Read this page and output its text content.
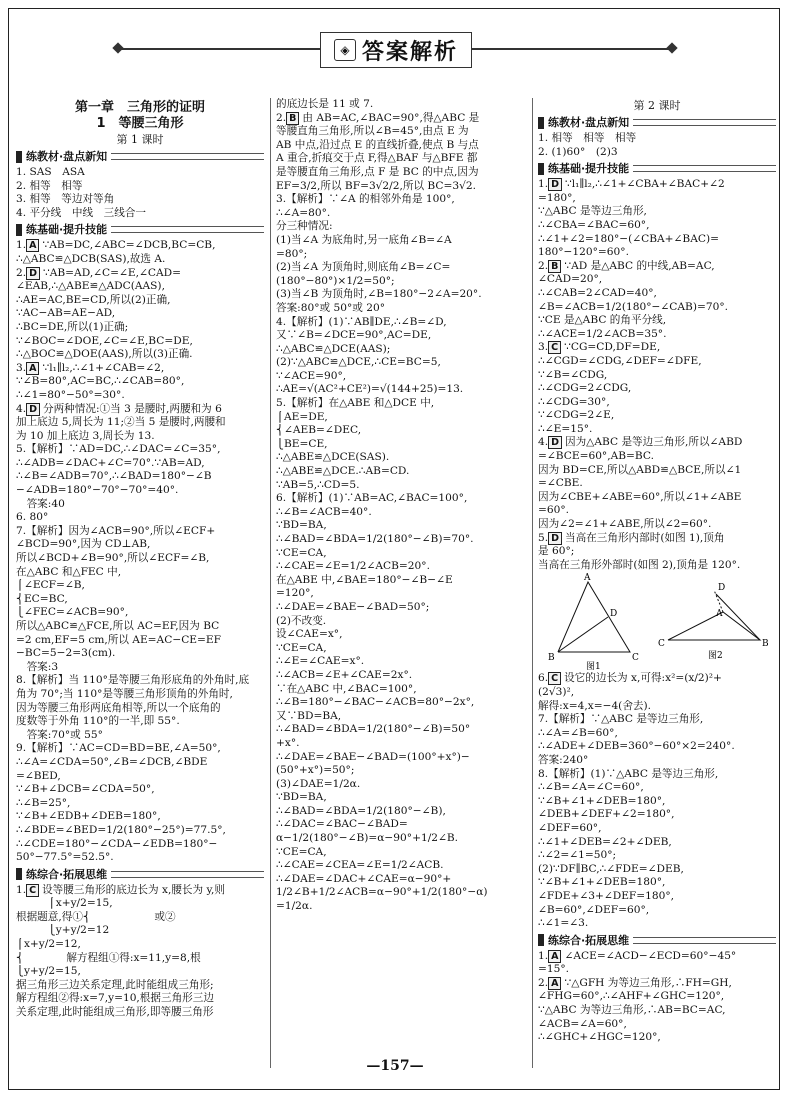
◈ 答案解析
第一章　三角形的证明
1　等腰三角形
第 1 课时
练教材·盘点新知
1. SAS　ASA
2. 相等　相等
3. 相等　等边对等角
4. 平分线　中线　三线合一
练基础·提升技能
1. A ∵AB=DC,∠ABC=∠DCB,BC=CB,
∴△ABC≌△DCB(SAS),故选 A.
2. D ∵AB=AD,∠C=∠E,∠CAD=
∠EAB,∴△ABE≌△ADC(AAS),
∴AE=AC,BE=CD,所以(2)正确,
∵AC−AB=AE−AD,
∴BC=DE,所以(1)正确;
∵∠BOC=∠DOE,∠C=∠E,BC=DE,
∴△BOC≌△DOE(AAS),所以(3)正确.
3. A ∵l₁∥l₂,∴∠1+∠CAB=∠2,
∵∠B=80°,AC=BC,∴∠CAB=80°,
∴∠1=80°−50°=30°.
4. D 分两种情况:①当 3 是腰时,两腰和为 6
加上底边 5,周长为 11;②当 5 是腰时,两腰和
为 10 加上底边 3,周长为 13.
5.【解析】∵AD=DC,∴∠DAC=∠C=35°,
∴∠ADB=∠DAC+∠C=70°.∵AB=AD,
∴∠B=∠ADB=70°,∴∠BAD=180°−∠B
−∠ADB=180°−70°−70°=40°.
　答案:40
6. 80°
7.【解析】因为∠ACB=90°,所以∠ECF+
∠BCD=90°,因为 CD⊥AB,
所以∠BCD+∠B=90°,所以∠ECF=∠B,
在△ABC 和△FEC 中,
⎧∠ECF=∠B,
⎨EC=BC,
⎩∠FEC=∠ACB=90°,
所以△ABC≌△FCE,所以 AC=EF,因为 BC
=2 cm,EF=5 cm,所以 AE=AC−CE=EF
−BC=5−2=3(cm).
　答案:3
8.【解析】当 110°是等腰三角形底角的外角时,底
角为 70°;当 110°是等腰三角形顶角的外角时,
因为等腰三角形两底角相等,所以一个底角的
度数等于外角 110°的一半,即 55°.
　答案:70°或 55°
9.【解析】∵AC=CD=BD=BE,∠A=50°,
∴∠A=∠CDA=50°,∠B=∠DCB,∠BDE
=∠BED,
∵∠B+∠DCB=∠CDA=50°,
∴∠B=25°,
∵∠B+∠EDB+∠DEB=180°,
∴∠BDE=∠BED=1/2(180°−25°)=77.5°,
∴∠CDE=180°−∠CDA−∠EDB=180°−
50°−77.5°=52.5°.
练综合·拓展思维
1. C 设等腰三角形的底边长为 x,腰长为 y,则
　　　⎧x+y/2=15,
根据题意,得①⎨　　　　　　或②
　　　⎩y+y/2=12
⎧x+y/2=12,
⎨　　　　解方程组①得:x=11,y=8,根
⎩y+y/2=15,
据三角形三边关系定理,此时能组成三角形;
解方程组②得:x=7,y=10,根据三角形三边
关系定理,此时能组成三角形,即等腰三角形
的底边长是 11 或 7.
2. B 由 AB=AC,∠BAC=90°,得△ABC 是
等腰直角三角形,所以∠B=45°,由点 E 为
AB 中点,沿过点 E 的直线折叠,使点 B 与点
A 重合,折痕交于点 F,得△BAF 与△BFE 都
是等腰直角三角形,点 F 是 BC 的中点,因为
EF=3/2,所以 BF=3√2/2,所以 BC=3√2.
3.【解析】∵∠A 的相邻外角是 100°,
∴∠A=80°.
分三种情况:
(1)当∠A 为底角时,另一底角∠B=∠A
=80°;
(2)当∠A 为顶角时,则底角∠B=∠C=
(180°−80°)×1/2=50°;
(3)当∠B 为顶角时,∠B=180°−2∠A=20°.
答案:80°或 50°或 20°
4.【解析】(1)∵AB∥DE,∴∠B=∠D,
又∵∠B=∠DCE=90°,AC=DE,
∴△ABC≌△DCE(AAS);
(2)∵△ABC≌△DCE,∴CE=BC=5,
∵∠ACE=90°,
∴AE=√(AC²+CE²)=√(144+25)=13.
5.【解析】在△ABE 和△DCE 中,
⎧AE=DE,
⎨∠AEB=∠DEC,
⎩BE=CE,
∴△ABE≌△DCE(SAS).
∴△ABE≌△DCE.∴AB=CD.
∵AB=5,∴CD=5.
6.【解析】(1)∵AB=AC,∠BAC=100°,
∴∠B=∠ACB=40°.
∵BD=BA,
∴∠BAD=∠BDA=1/2(180°−∠B)=70°.
∵CE=CA,
∴∠CAE=∠E=1/2∠ACB=20°.
在△ABE 中,∠BAE=180°−∠B−∠E
=120°,
∴∠DAE=∠BAE−∠BAD=50°;
(2)不改变.
设∠CAE=x°,
∵CE=CA,
∴∠E=∠CAE=x°.
∴∠ACB=∠E+∠CAE=2x°.
∵在△ABC 中,∠BAC=100°,
∴∠B=180°−∠BAC−∠ACB=80°−2x°,
又∵BD=BA,
∴∠BAD=∠BDA=1/2(180°−∠B)=50°
+x°.
∴∠DAE=∠BAE−∠BAD=(100°+x°)−
(50°+x°)=50°;
(3)∠DAE=1/2α.
∵BD=BA,
∴∠BAD=∠BDA=1/2(180°−∠B),
∴∠DAC=∠BAC−∠BAD=
α−1/2(180°−∠B)=α−90°+1/2∠B.
∵CE=CA,
∴∠CAE=∠CEA=∠E=1/2∠ACB.
∴∠DAE=∠DAC+∠CAE=α−90°+
1/2∠B+1/2∠ACB=α−90°+1/2(180°−α)
=1/2α.
第 2 课时
练教材·盘点新知
1. 相等　相等　相等
2. (1)60°　(2)3
练基础·提升技能
1. D ∵l₁∥l₂,∴∠1+∠CBA+∠BAC+∠2
=180°,
∵△ABC 是等边三角形,
∴∠CBA=∠BAC=60°,
∴∠1+∠2=180°−(∠CBA+∠BAC)=
180°−120°=60°.
2. B ∵AD 是△ABC 的中线,AB=AC,
∠CAD=20°,
∴∠CAB=2∠CAD=40°,
∠B=∠ACB=1/2(180°−∠CAB)=70°.
∵CE 是△ABC 的角平分线,
∴∠ACE=1/2∠ACB=35°.
3. C ∵CG=CD,DF=DE,
∴∠CGD=∠CDG,∠DEF=∠DFE,
∵∠B=∠CDG,
∴∠CDG=2∠CDG,
∴∠CDG=30°,
∵∠CDG=2∠E,
∴∠E=15°.
4. D 因为△ABC 是等边三角形,所以∠ABD
=∠BCE=60°,AB=BC.
因为 BD=CE,所以△ABD≌△BCE,所以∠1
=∠CBE.
因为∠CBE+∠ABE=60°,所以∠1+∠ABE
=60°.
因为∠2=∠1+∠ABE,所以∠2=60°.
5. D 当高在三角形内部时(如图 1),顶角
是 60°;
当高在三角形外部时(如图 2),顶角是 120°.
B
A
C
D
图1
C
A
B
D
图2
6. C 设它的边长为 x,可得:x²=(x/2)²+
(2√3)²,
解得:x=4,x=−4(舍去).
7.【解析】∵△ABC 是等边三角形,
∴∠A=∠B=60°,
∴∠ADE+∠DEB=360°−60°×2=240°.
答案:240°
8.【解析】(1)∵△ABC 是等边三角形,
∴∠B=∠A=∠C=60°,
∵∠B+∠1+∠DEB=180°,
∠DEB+∠DEF+∠2=180°,
∠DEF=60°,
∴∠1+∠DEB=∠2+∠DEB,
∴∠2=∠1=50°;
(2)∵DF∥BC,∴∠FDE=∠DEB,
∵∠B+∠1+∠DEB=180°,
∠FDE+∠3+∠DEF=180°,
∠B=60°,∠DEF=60°,
∴∠1=∠3.
练综合·拓展思维
1. A ∠ACE=∠ACD−∠ECD=60°−45°
=15°.
2. A ∵△GFH 为等边三角形,∴FH=GH,
∠FHG=60°,∴∠AHF+∠GHC=120°,
∵△ABC 为等边三角形,∴AB=BC=AC,
∠ACB=∠A=60°,
∴∠GHC+∠HGC=120°,
—157—
